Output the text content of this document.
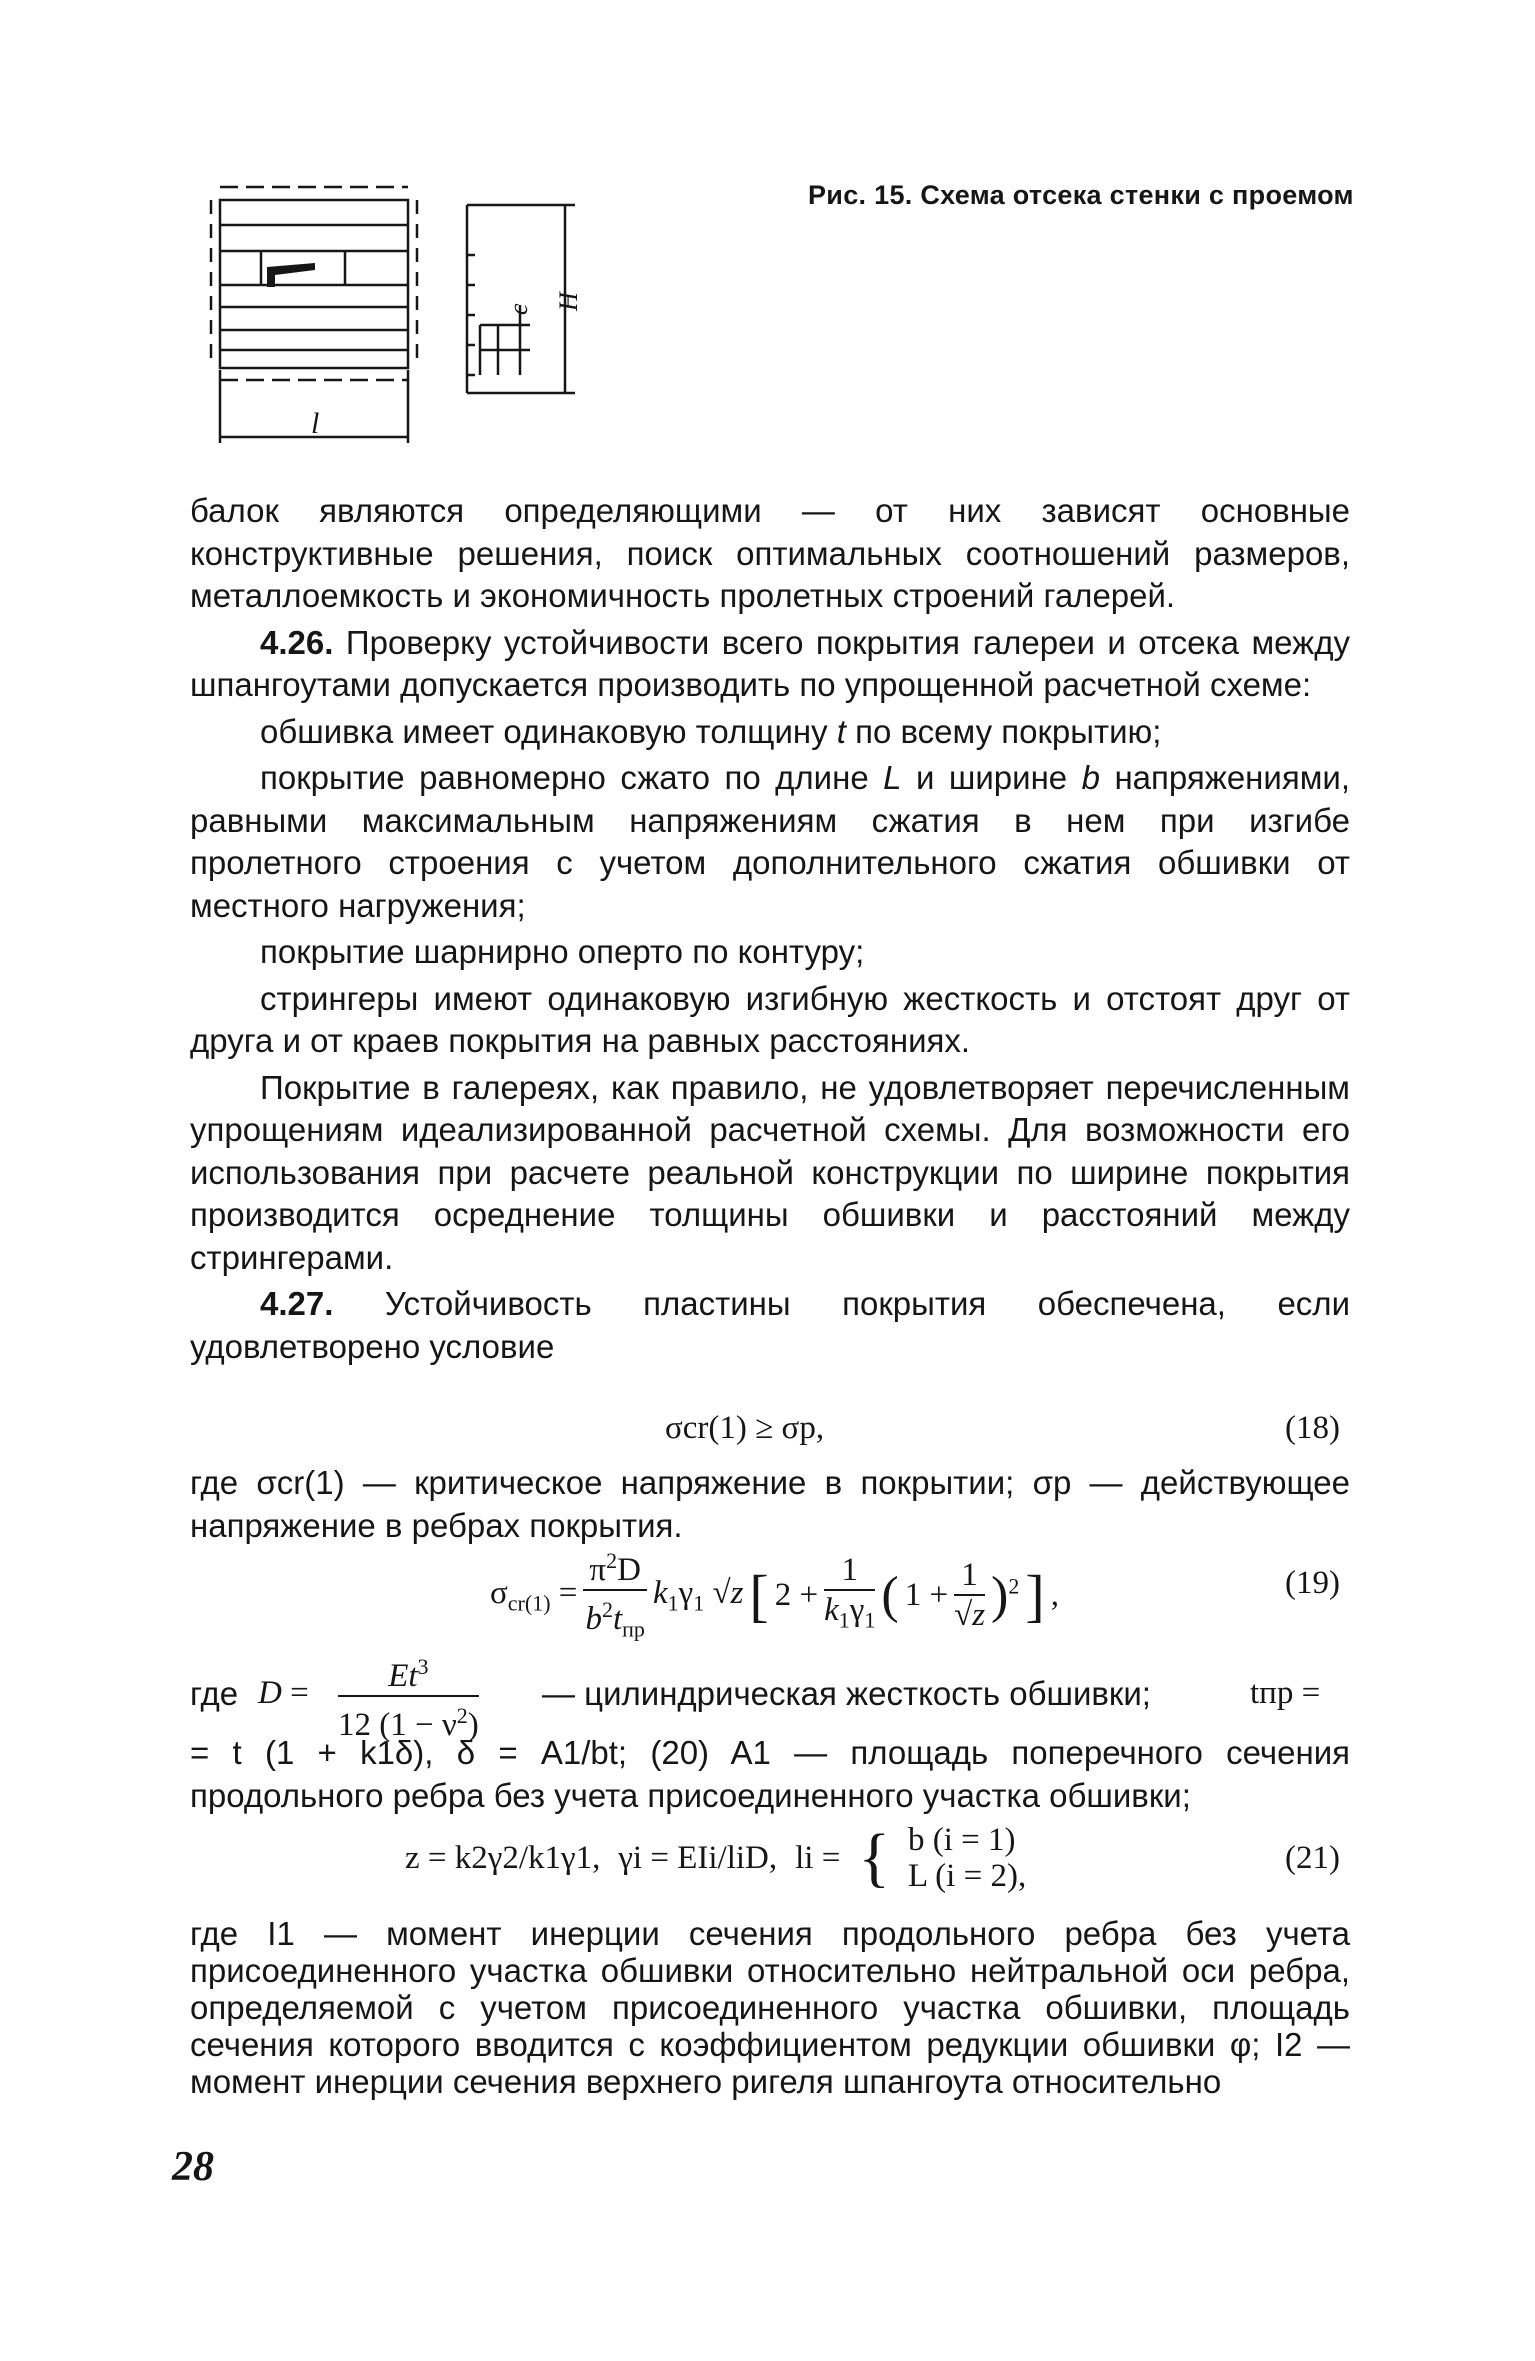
l
c H
Рис. 15. Схема отсека стенки с проемом

балок являются определяющими — от них зависят основные конструктивные решения, поиск оптимальных соотношений размеров, металлоемкость и экономичность пролетных строений галерей.

4.26. Проверку устойчивости всего покрытия галереи и отсека между шпангоутами допускается производить по упрощенной расчетной схеме:

обшивка имеет одинаковую толщину t по всему покрытию;

покрытие равномерно сжато по длине L и ширине b напряжениями, равными максимальным напряжениям сжатия в нем при изгибе пролетного строения с учетом дополнительного сжатия обшивки от местного нагружения;

покрытие шарнирно оперто по контуру;

стрингеры имеют одинаковую изгибную жесткость и отстоят друг от друга и от краев покрытия на равных расстояниях.

Покрытие в галереях, как правило, не удовлетворяет перечисленным упрощениям идеализированной расчетной схемы. Для возможности его использования при расчете реальной конструкции по ширине покрытия производится осреднение толщины обшивки и расстояний между стрингерами.

4.27. Устойчивость пластины покрытия обеспечена, если удовлетворено условие

σcr(1) ≥ σр,	(18)

где σcr(1) — критическое напряжение в покрытии; σр — действующее напряжение в ребрах покрытия.

$\sigma_{cr(1)} = \frac{\pi^2D}{b^2t_{пр}} k_1\gamma_1$ √z [ $2 + \frac{1}{k_1\gamma_1}$ ( $1 + \frac{1}{√z} )^2$ ] ,	(19)
где $D = \frac{Et^3}{12 (1 - \nu^2)}$ — цилиндрическая жесткость обшивки;	tпр =

= t (1 + k1δ), δ = A1/bt; (20) A1 — площадь поперечного сечения продольного ребра без учета присоединенного участка обшивки;

z = k2γ2/k1γ1, γi = EIi/liD, li = { b (i = 1)
L (i = 2),	(21)

где I1 — момент инерции сечения продольного ребра без учета присоединенного участка обшивки относительно нейтральной оси ребра, определяемой с учетом присоединенного участка обшивки, площадь сечения которого вводится с коэффициентом редукции обшивки φ; I2 — момент инерции сечения верхнего ригеля шпангоута относительно

28
